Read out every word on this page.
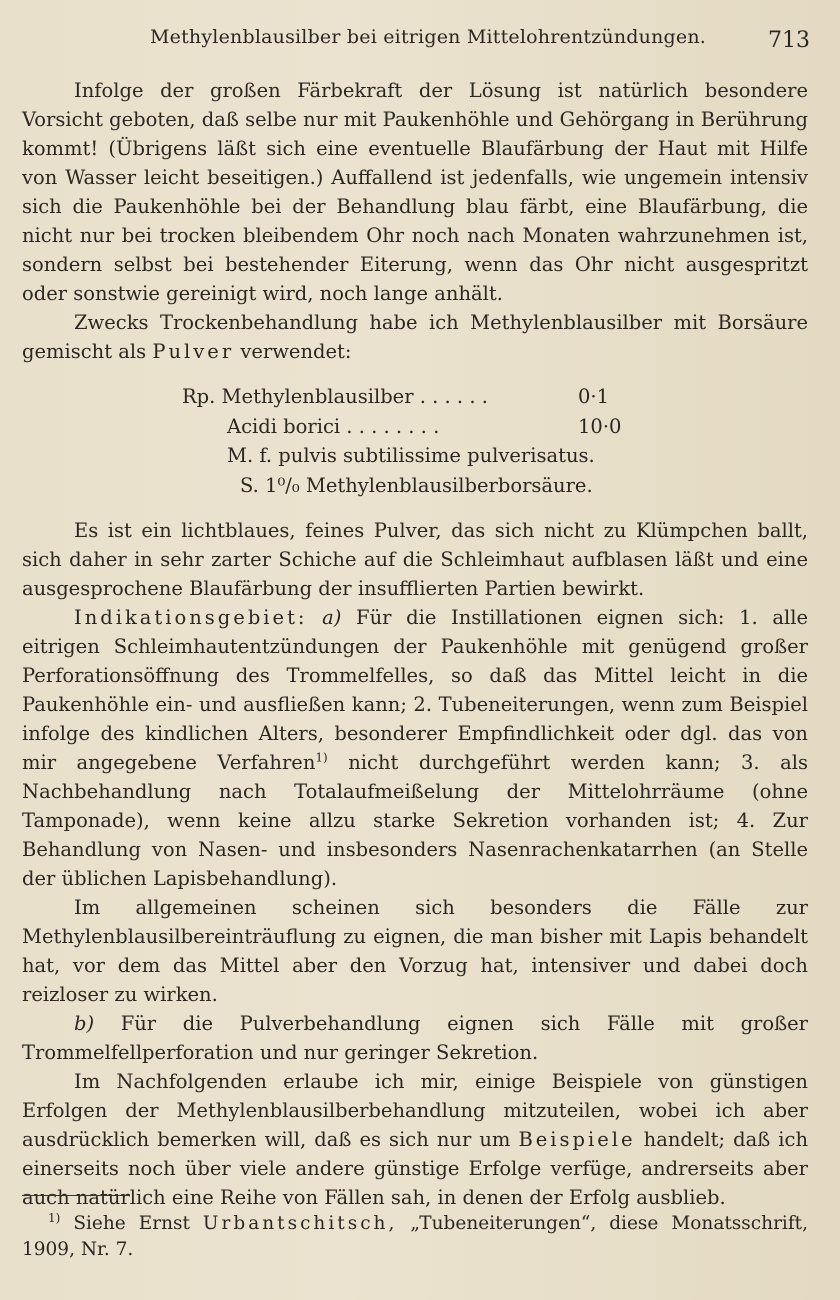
Methylenblausilber bei eitrigen Mittelohrentzündungen.	713

Infolge der großen Färbekraft der Lösung ist natürlich besondere Vorsicht geboten, daß selbe nur mit Paukenhöhle und Gehörgang in Berührung kommt! (Übrigens läßt sich eine eventuelle Blaufärbung der Haut mit Hilfe von Wasser leicht beseitigen.) Auffallend ist jedenfalls, wie ungemein intensiv sich die Paukenhöhle bei der Behandlung blau färbt, eine Blaufärbung, die nicht nur bei trocken bleibendem Ohr noch nach Monaten wahrzunehmen ist, sondern selbst bei bestehender Eiterung, wenn das Ohr nicht ausgespritzt oder sonstwie gereinigt wird, noch lange anhält.

Zwecks Trockenbehandlung habe ich Methylenblausilber mit Borsäure gemischt als Pulver verwendet:

Rp. Methylenblausilber . . . . . .	0·1
Acidi borici . . . . . . . .	10·0
M. f. pulvis subtilissime pulverisatus.
S. 1⁰/₀ Methylenblausilberborsäure.

Es ist ein lichtblaues, feines Pulver, das sich nicht zu Klümpchen ballt, sich daher in sehr zarter Schiche auf die Schleimhaut aufblasen läßt und eine ausgesprochene Blaufärbung der insufflierten Partien bewirkt.

Indikationsgebiet: a) Für die Instillationen eignen sich: 1. alle eitrigen Schleimhautentzündungen der Paukenhöhle mit genügend großer Perforationsöffnung des Trommelfelles, so daß das Mittel leicht in die Paukenhöhle ein- und ausfließen kann; 2. Tubeneiterungen, wenn zum Beispiel infolge des kindlichen Alters, besonderer Empfindlichkeit oder dgl. das von mir angegebene Verfahren$^{1)}$ nicht durchgeführt werden kann; 3. als Nachbehandlung nach Totalaufmeißelung der Mittelohrräume (ohne Tamponade), wenn keine allzu starke Sekretion vorhanden ist; 4. Zur Behandlung von Nasen- und insbesonders Nasenrachenkatarrhen (an Stelle der üblichen Lapisbehandlung).

Im allgemeinen scheinen sich besonders die Fälle zur Methylenblausilbereinträuflung zu eignen, die man bisher mit Lapis behandelt hat, vor dem das Mittel aber den Vorzug hat, intensiver und dabei doch reizloser zu wirken.

b) Für die Pulverbehandlung eignen sich Fälle mit großer Trommelfellperforation und nur geringer Sekretion.

Im Nachfolgenden erlaube ich mir, einige Beispiele von günstigen Erfolgen der Methylenblausilberbehandlung mitzuteilen, wobei ich aber ausdrücklich bemerken will, daß es sich nur um Beispiele handelt; daß ich einerseits noch über viele andere günstige Erfolge verfüge, andrerseits aber auch natürlich eine Reihe von Fällen sah, in denen der Erfolg ausblieb.

$^{1)}$ Siehe Ernst Urbantschitsch, „Tubeneiterungen“, diese Monatsschrift, 1909, Nr. 7.
